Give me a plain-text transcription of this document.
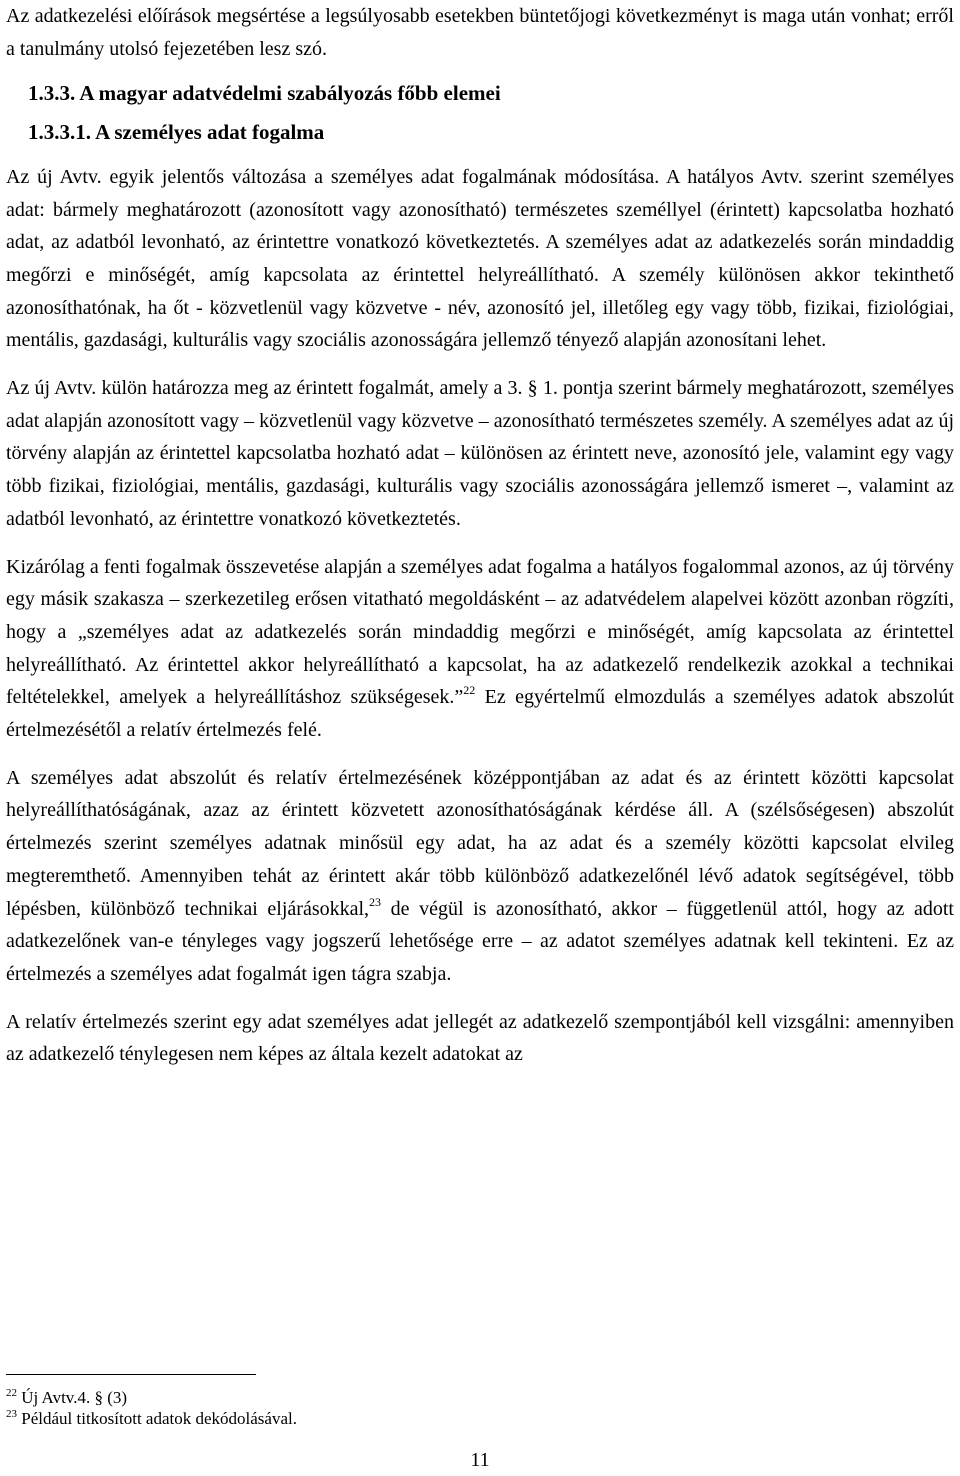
Az adatkezelési előírások megsértése a legsúlyosabb esetekben büntetőjogi következményt is maga után vonhat; erről a tanulmány utolsó fejezetében lesz szó.

1.3.3. A magyar adatvédelmi szabályozás főbb elemei

1.3.3.1. A személyes adat fogalma

Az új Avtv. egyik jelentős változása a személyes adat fogalmának módosítása. A hatályos Avtv. szerint személyes adat: bármely meghatározott (azonosított vagy azonosítható) természetes személlyel (érintett) kapcsolatba hozható adat, az adatból levonható, az érintettre vonatkozó következtetés. A személyes adat az adatkezelés során mindaddig megőrzi e minőségét, amíg kapcsolata az érintettel helyreállítható. A személy különösen akkor tekinthető azonosíthatónak, ha őt - közvetlenül vagy közvetve - név, azonosító jel, illetőleg egy vagy több, fizikai, fiziológiai, mentális, gazdasági, kulturális vagy szociális azonosságára jellemző tényező alapján azonosítani lehet.

Az új Avtv. külön határozza meg az érintett fogalmát, amely a 3. § 1. pontja szerint bármely meghatározott, személyes adat alapján azonosított vagy – közvetlenül vagy közvetve – azonosítható természetes személy. A személyes adat az új törvény alapján az érintettel kapcsolatba hozható adat – különösen az érintett neve, azonosító jele, valamint egy vagy több fizikai, fiziológiai, mentális, gazdasági, kulturális vagy szociális azonosságára jellemző ismeret –, valamint az adatból levonható, az érintettre vonatkozó következtetés.

Kizárólag a fenti fogalmak összevetése alapján a személyes adat fogalma a hatályos fogalommal azonos, az új törvény egy másik szakasza – szerkezetileg erősen vitatható megoldásként – az adatvédelem alapelvei között azonban rögzíti, hogy a „személyes adat az adatkezelés során mindaddig megőrzi e minőségét, amíg kapcsolata az érintettel helyreállítható. Az érintettel akkor helyreállítható a kapcsolat, ha az adatkezelő rendelkezik azokkal a technikai feltételekkel, amelyek a helyreállításhoz szükségesek.”$^{22}$ Ez egyértelmű elmozdulás a személyes adatok abszolút értelmezésétől a relatív értelmezés felé.

A személyes adat abszolút és relatív értelmezésének középpontjában az adat és az érintett közötti kapcsolat helyreállíthatóságának, azaz az érintett közvetett azonosíthatóságának kérdése áll. A (szélsőségesen) abszolút értelmezés szerint személyes adatnak minősül egy adat, ha az adat és a személy közötti kapcsolat elvileg megteremthető. Amennyiben tehát az érintett akár több különböző adatkezelőnél lévő adatok segítségével, több lépésben, különböző technikai eljárásokkal,$^{23}$ de végül is azonosítható, akkor – függetlenül attól, hogy az adott adatkezelőnek van-e tényleges vagy jogszerű lehetősége erre – az adatot személyes adatnak kell tekinteni. Ez az értelmezés a személyes adat fogalmát igen tágra szabja.

A relatív értelmezés szerint egy adat személyes adat jellegét az adatkezelő szempontjából kell vizsgálni: amennyiben az adatkezelő ténylegesen nem képes az általa kezelt adatokat az

$^{22}$ Új Avtv.4. § (3)
$^{23}$ Például titkosított adatok dekódolásával.
11
